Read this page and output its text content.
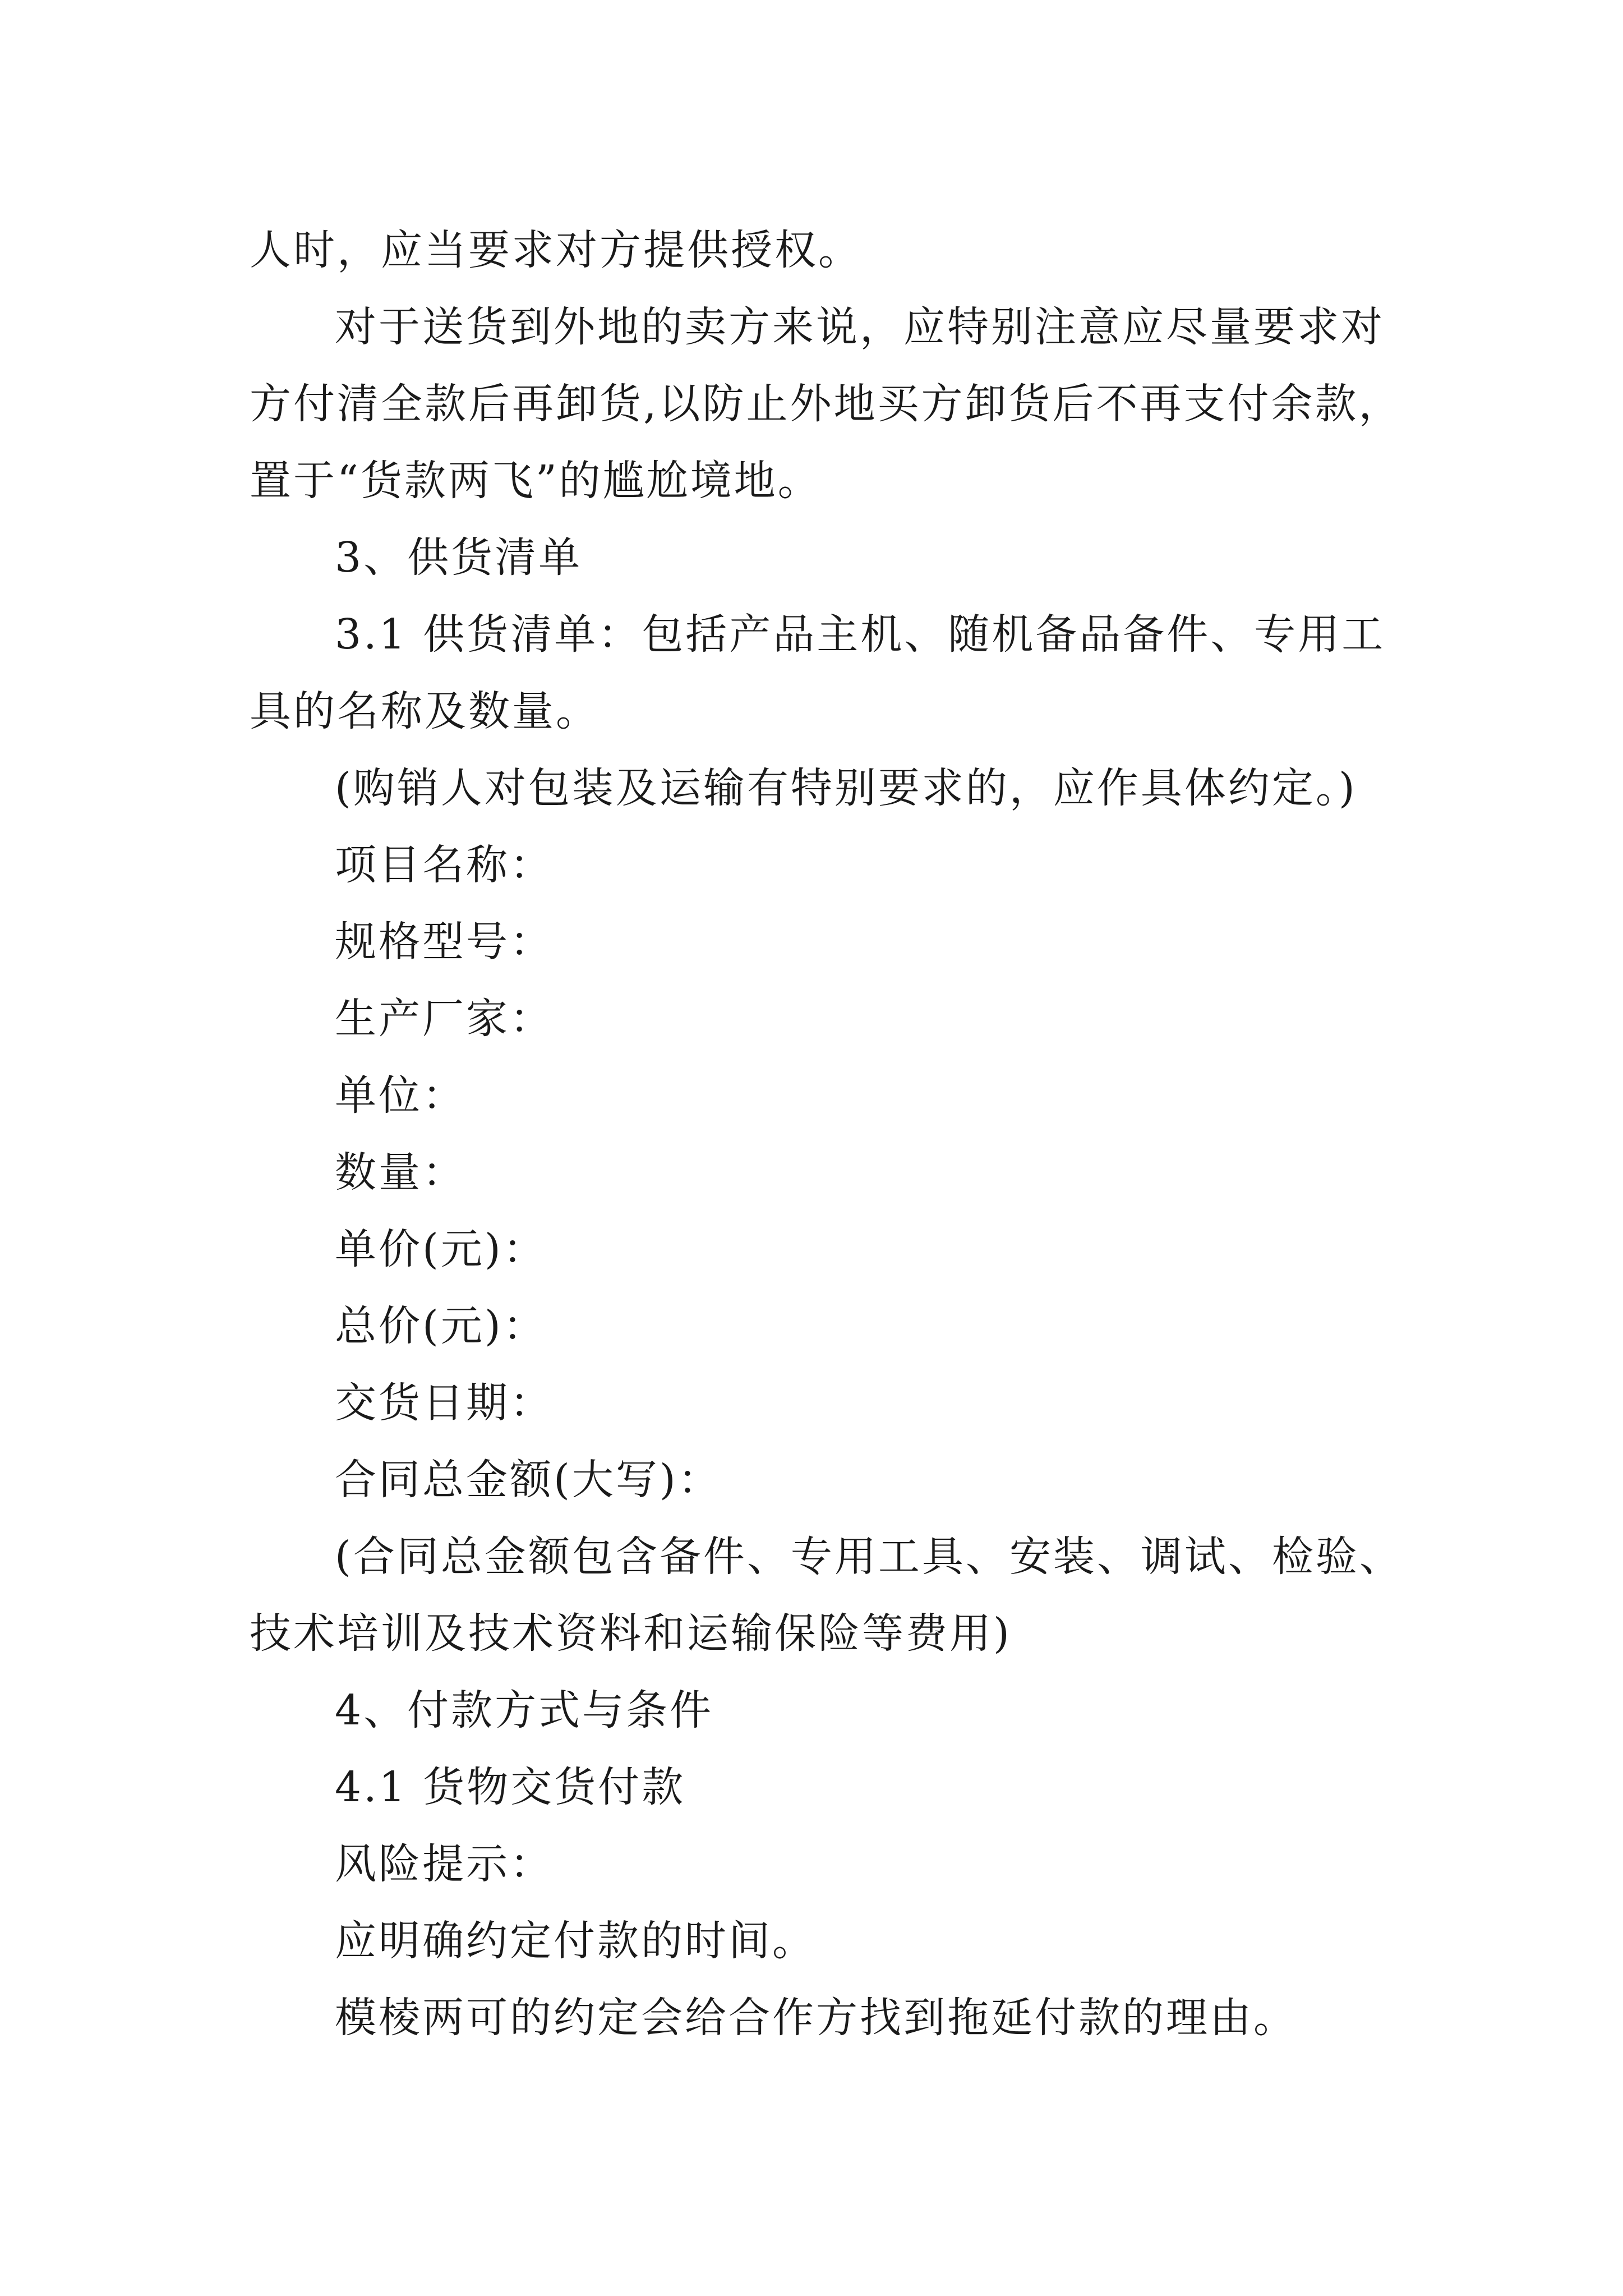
人时，应当要求对方提供授权。
对于送货到外地的卖方来说，应特别注意应尽量要求对
方付清全款后再卸货,以防止外地买方卸货后不再支付余款，
置于“货款两飞”的尴尬境地。
3、供货清单
3.1 供货清单：包括产品主机、随机备品备件、专用工
具的名称及数量。
(购销人对包装及运输有特别要求的，应作具体约定。)
项目名称：
规格型号：
生产厂家：
单位：
数量：
单价(元)：
总价(元)：
交货日期：
合同总金额(大写)：
(合同总金额包含备件、专用工具、安装、调试、检验、
技术培训及技术资料和运输保险等费用)
4、付款方式与条件
4.1 货物交货付款
风险提示：
应明确约定付款的时间。
模棱两可的约定会给合作方找到拖延付款的理由。
